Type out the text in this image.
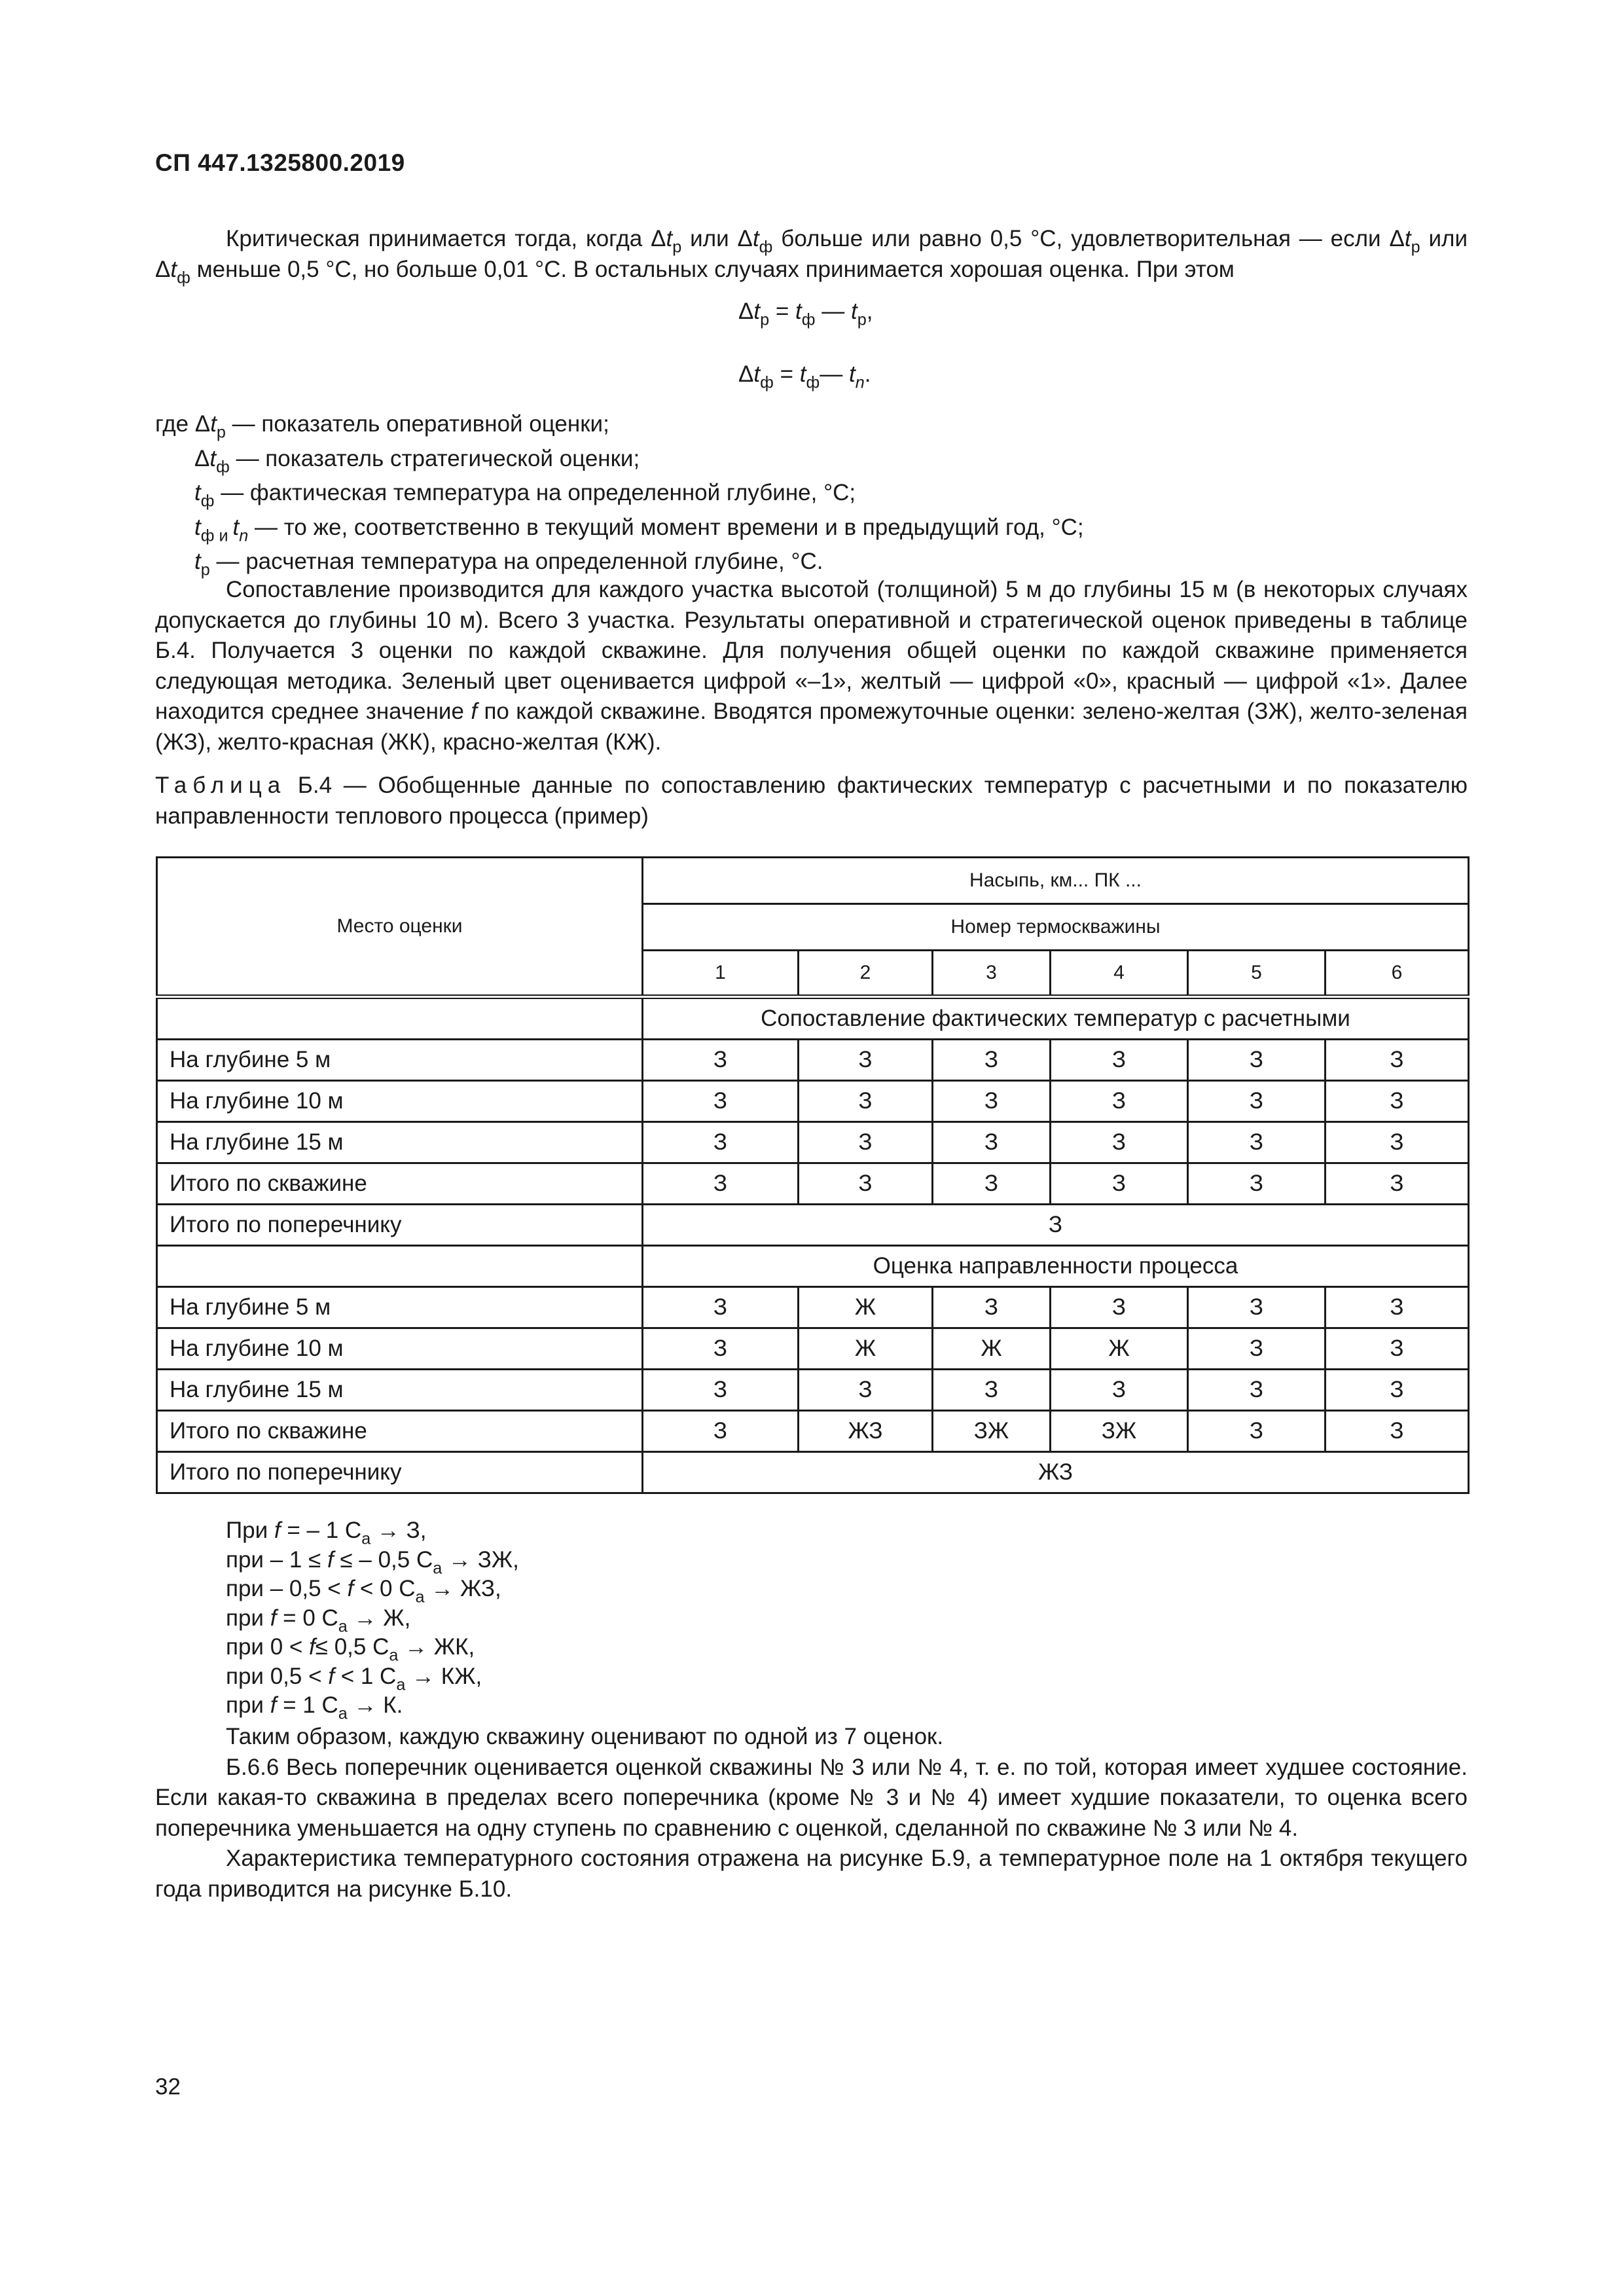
СП 447.1325800.2019
Критическая принимается тогда, когда $\Delta t_р$ или $\Delta t_ф$ больше или равно 0,5 °С, удовлетворительная — если $\Delta t_р$ или $\Delta t_ф$ меньше 0,5 °С, но больше 0,01 °С. В остальных случаях принимается хорошая оценка. При этом
$\Delta t_р = t_ф$ — $t_р$,
$\Delta t_ф$ = $t_ф—$ $t_n$.

где $\Delta t_р$ — показатель оперативной оценки;

$\Delta t_ф$ — показатель стратегической оценки;

$t_ф$ — фактическая температура на определенной глубине, °С;

$t_ф$ $_и$ $t_n$ — то же, соответственно в текущий момент времени и в предыдущий год, °С;

$t_р$ — расчетная температура на определенной глубине, °С.

Сопоставление производится для каждого участка высотой (толщиной) 5 м до глубины 15 м (в некоторых случаях допускается до глубины 10 м). Всего 3 участка. Результаты оперативной и стратегической оценок приведены в таблице Б.4. Получается 3 оценки по каждой скважине. Для получения общей оценки по каждой скважине применяется следующая методика. Зеленый цвет оценивается цифрой «–1», желтый — цифрой «0», красный — цифрой «1». Далее находится среднее значение f по каждой скважине. Вводятся промежуточные оценки: зелено-желтая (ЗЖ), желто-зеленая (ЖЗ), желто-красная (ЖК), красно-желтая (КЖ).
Таблица Б.4 — Обобщенные данные по сопоставлению фактических температур с расчетными и по показателю направленности теплового процесса (пример)
Место оценки	Насыпь, км... ПК ...					
	Номер термоскважины					
	1	2	3	4	5	6
	Сопоставление фактических температур с расчетными					
На глубине 5 м	З	З	З	З	З	З
На глубине 10 м	З	З	З	З	З	З
На глубине 15 м	З	З	З	З	З	З
Итого по скважине	З	З	З	З	З	З
Итого по поперечнику	З					
	Оценка направленности процесса					
На глубине 5 м	З	Ж	З	З	З	З
На глубине 10 м	З	Ж	Ж	Ж	З	З
На глубине 15 м	З	З	З	З	З	З
Итого по скважине	З	ЖЗ	ЗЖ	ЗЖ	З	З
Итого по поперечнику	ЖЗ					

При f = – 1 $С_а \to З$,

при – 1 ≤ f ≤ – 0,5 $С_а$ → ЗЖ,

при – 0,5 < f < 0 $С_а$ → ЖЗ,

при f = 0 $С_а \to Ж$,

при 0 < f≤ 0,5 $С_а$ → ЖК,

при 0,5 < f < 1 $С_а$ → КЖ,

при f = 1 $С_а \to К$.

Таким образом, каждую скважину оценивают по одной из 7 оценок.

Б.6.6 Весь поперечник оценивается оценкой скважины № 3 или № 4, т. е. по той, которая имеет худшее состояние. Если какая-то скважина в пределах всего поперечника (кроме № 3 и № 4) имеет худшие показатели, то оценка всего поперечника уменьшается на одну ступень по сравнению с оценкой, сделанной по скважине № 3 или № 4.

Характеристика температурного состояния отражена на рисунке Б.9, а температурное поле на 1 октября текущего года приводится на рисунке Б.10.

32
